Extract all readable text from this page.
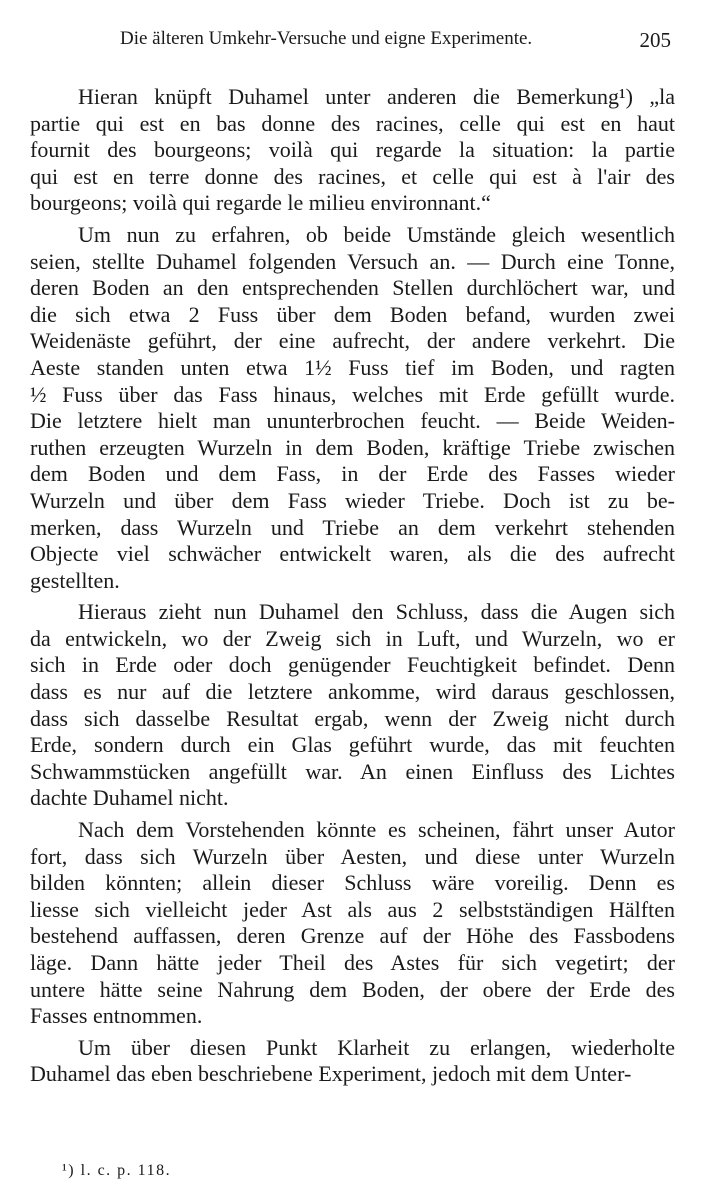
Die älteren Umkehr-Versuche und eigne Experimente.	205
Hieran knüpft Duhamel unter anderen die Bemerkung¹) „la
partie qui est en bas donne des racines, celle qui est en haut
fournit des bourgeons; voilà qui regarde la situation: la partie
qui est en terre donne des racines, et celle qui est à l'air des
bourgeons; voilà qui regarde le milieu environnant.“
Um nun zu erfahren, ob beide Umstände gleich wesentlich
seien, stellte Duhamel folgenden Versuch an. — Durch eine Tonne,
deren Boden an den entsprechenden Stellen durchlöchert war, und
die sich etwa 2 Fuss über dem Boden befand, wurden zwei
Weidenäste geführt, der eine aufrecht, der andere verkehrt. Die
Aeste standen unten etwa 1½ Fuss tief im Boden, und ragten
½ Fuss über das Fass hinaus, welches mit Erde gefüllt wurde.
Die letztere hielt man ununterbrochen feucht. — Beide Weiden-
ruthen erzeugten Wurzeln in dem Boden, kräftige Triebe zwischen
dem Boden und dem Fass, in der Erde des Fasses wieder
Wurzeln und über dem Fass wieder Triebe. Doch ist zu be-
merken, dass Wurzeln und Triebe an dem verkehrt stehenden
Objecte viel schwächer entwickelt waren, als die des aufrecht
gestellten.
Hieraus zieht nun Duhamel den Schluss, dass die Augen sich
da entwickeln, wo der Zweig sich in Luft, und Wurzeln, wo er
sich in Erde oder doch genügender Feuchtigkeit befindet. Denn
dass es nur auf die letztere ankomme, wird daraus geschlossen,
dass sich dasselbe Resultat ergab, wenn der Zweig nicht durch
Erde, sondern durch ein Glas geführt wurde, das mit feuchten
Schwammstücken angefüllt war. An einen Einfluss des Lichtes
dachte Duhamel nicht.
Nach dem Vorstehenden könnte es scheinen, fährt unser Autor
fort, dass sich Wurzeln über Aesten, und diese unter Wurzeln
bilden könnten; allein dieser Schluss wäre voreilig. Denn es
liesse sich vielleicht jeder Ast als aus 2 selbstständigen Hälften
bestehend auffassen, deren Grenze auf der Höhe des Fassbodens
läge. Dann hätte jeder Theil des Astes für sich vegetirt; der
untere hätte seine Nahrung dem Boden, der obere der Erde des
Fasses entnommen.
Um über diesen Punkt Klarheit zu erlangen, wiederholte
Duhamel das eben beschriebene Experiment, jedoch mit dem Unter-
¹) l. c. p. 118.
